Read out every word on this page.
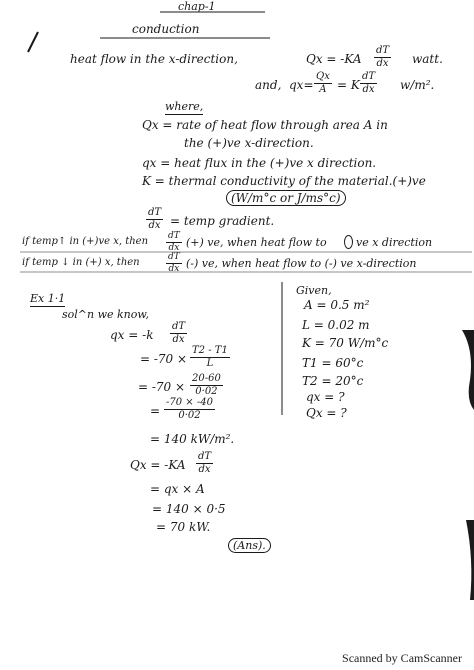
chap-1
conduction
heat flow in the x-direction,	$Qx = -KA \frac{dT}{dx}$ watt.
and, $qx= \frac{Qx}{A} = K \frac{dT}{dx} w/m^2$.
where,
Qx = rate of heat flow through area A in
the (+)ve x-direction.
qx = heat flux in the (+)ve x direction.
K = thermal conductivity of the material.(+)ve
(W/m°c or J/ms°c)
$\frac{dT}{dx}$ = temp gradient.
if temp↑ in (+)ve x, then $\frac{dT}{dx}$ (+) ve, when heat flow to	ve x direction
if temp ↓ in (+) x, then	$\frac{dT}{dx}$ (-) ve, when heat flow to (-) ve x-direction
Ex 1·1
sol^n we know,
qx = $-k \frac{dT}{dx}$
= $-70 \times \frac{T2 - T1}{L}$
= $-70 \times \frac{20-60}{0\cdot 02}$
= $\frac{-70 \times -40}{0\cdot 02}$
= 140 kW/m².
$Qx = -KA \frac{dT}{dx}$
= qx × A
= 140 × 0·5
= 70 kW.
(Ans).
Given,
A = 0.5 m²
L = 0.02 m
K = 70 W/m°c
T1 = 60°c
T2 = 20°c
qx = ?
Qx = ?
Scanned by CamScanner
